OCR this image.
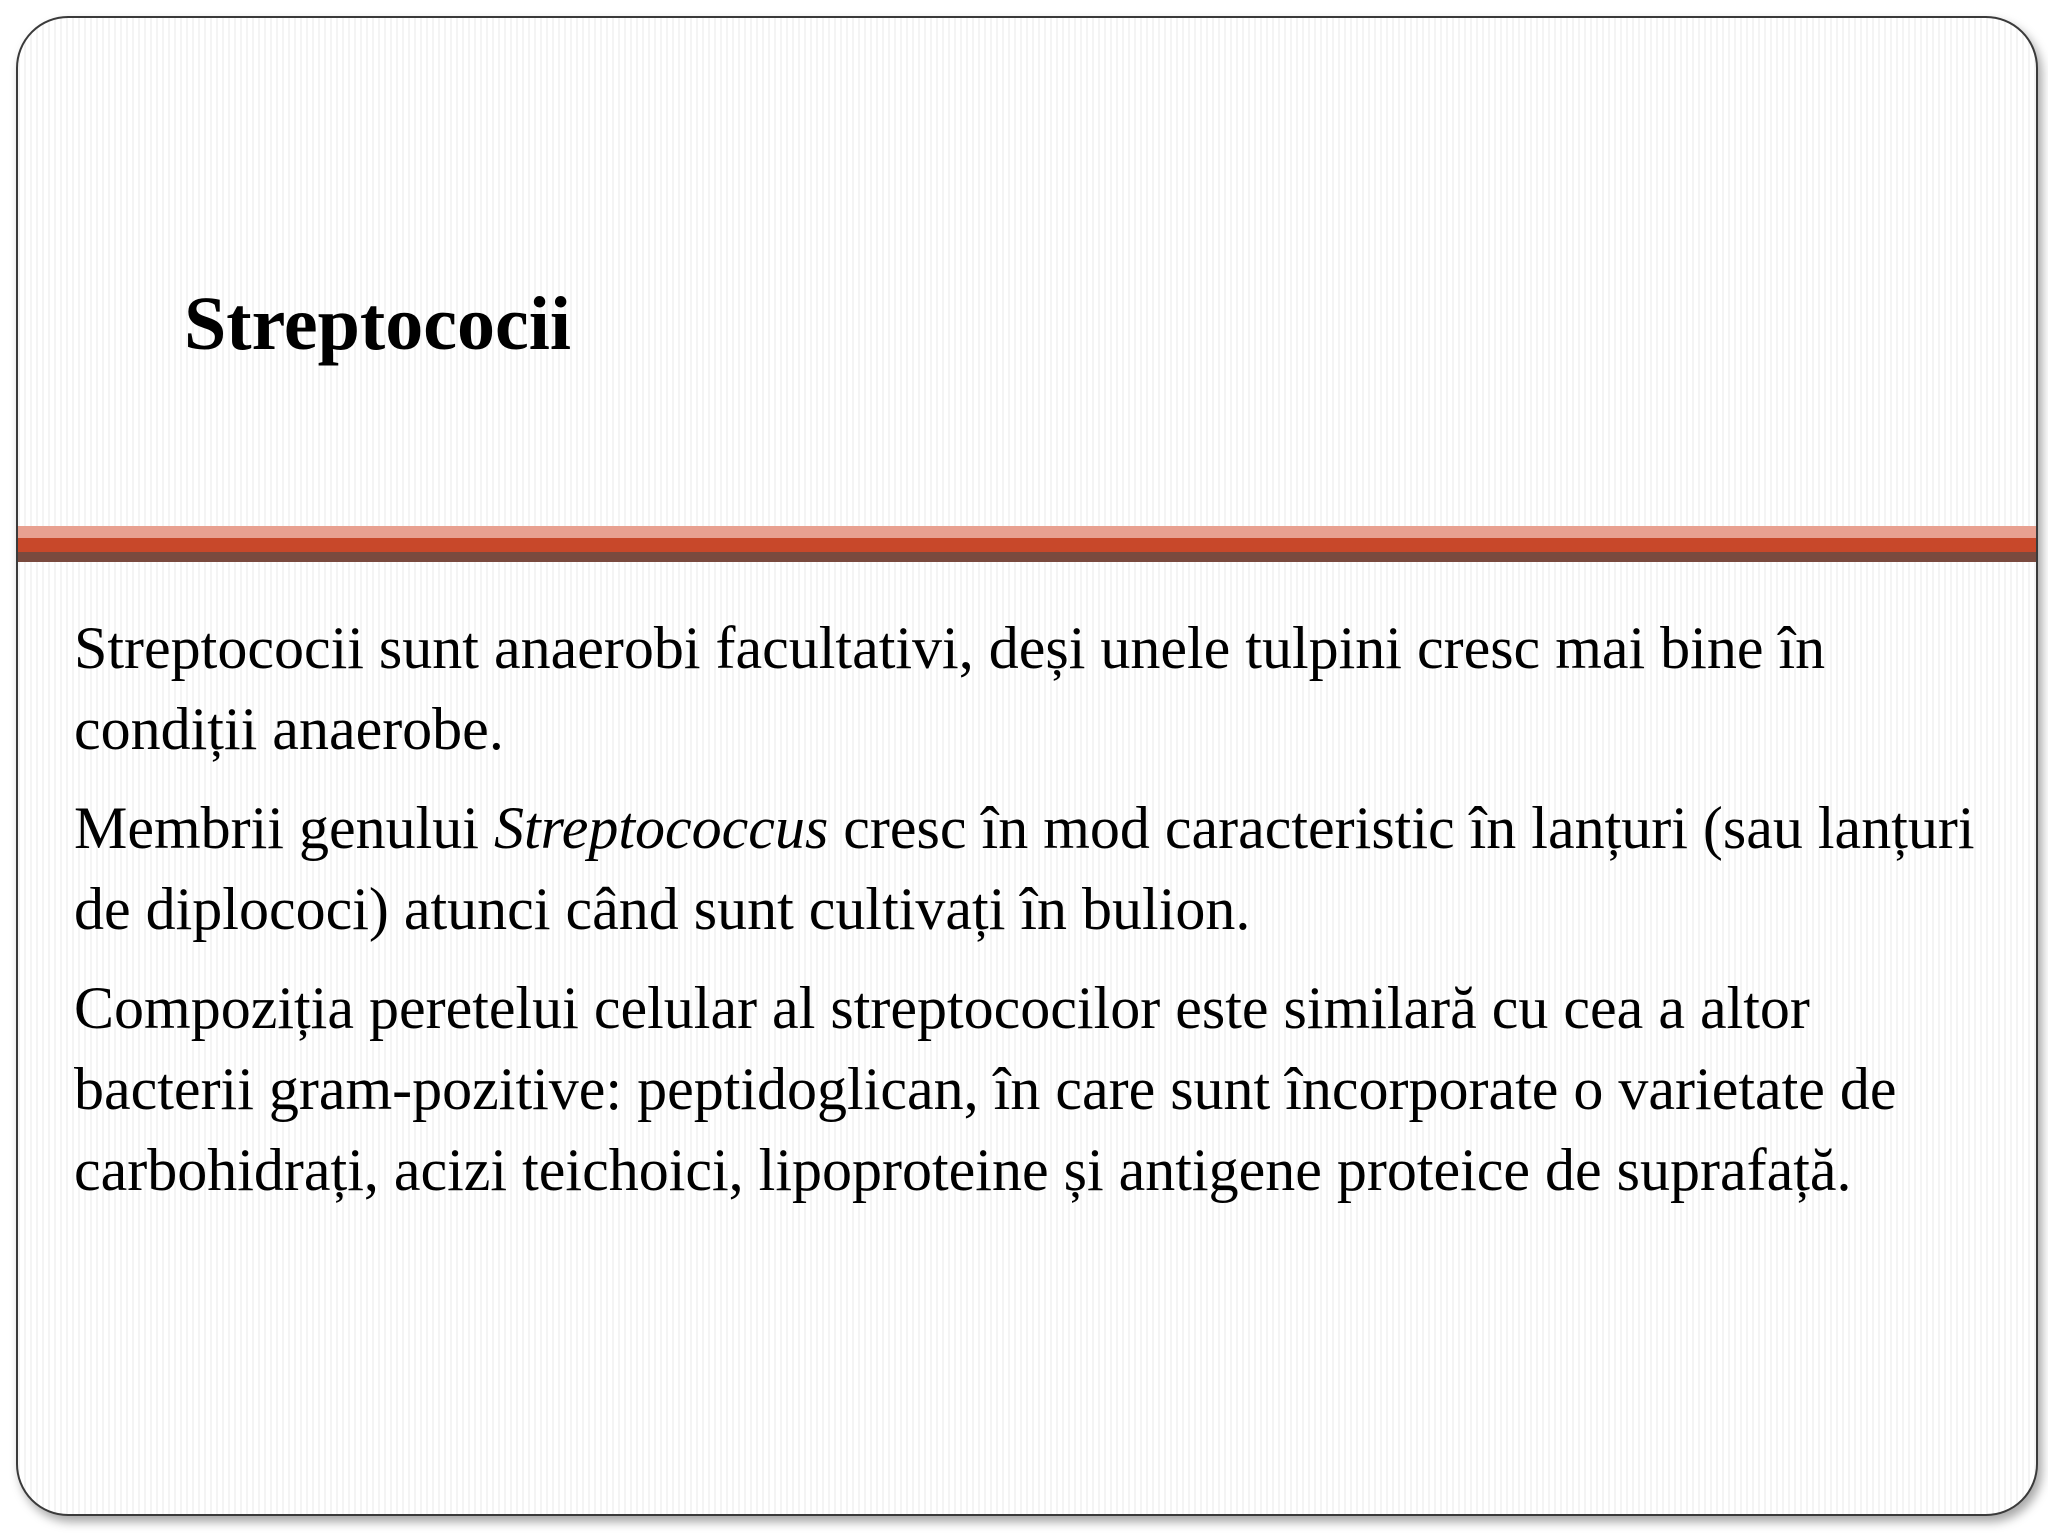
Streptococii

Streptococii sunt anaerobi facultativi, deși unele tulpini cresc mai bine în condiții anaerobe.

Membrii genului Streptococcus cresc în mod caracteristic în lanțuri (sau lanțuri de diplococi) atunci când sunt cultivați în bulion.

Compoziția peretelui celular al streptococilor este similară cu cea a altor bacterii gram-pozitive: peptidoglican, în care sunt încorporate o varietate de carbohidrați, acizi teichoici, lipoproteine și antigene proteice de suprafață.
